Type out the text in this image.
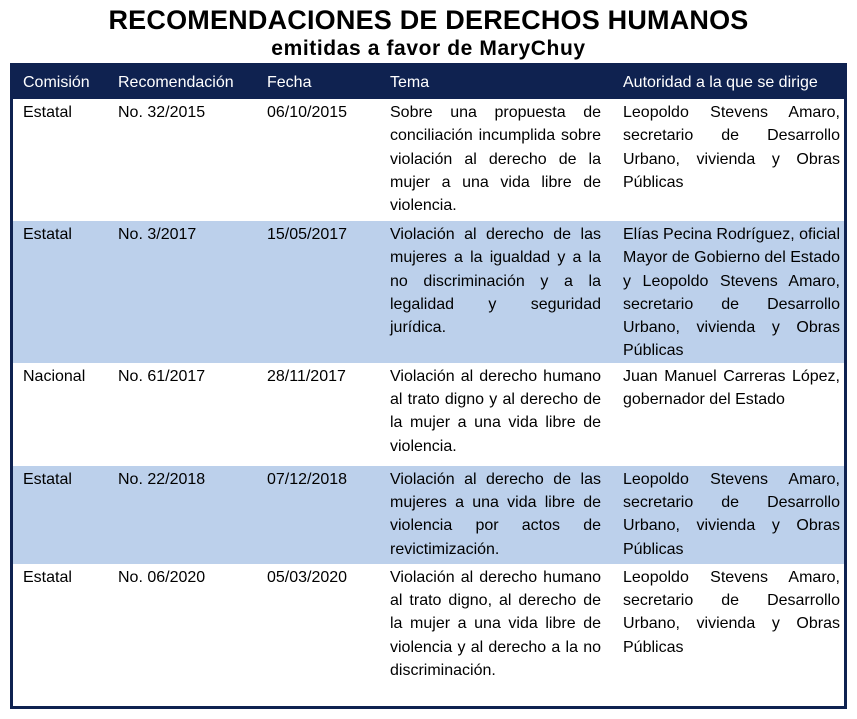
RECOMENDACIONES DE DERECHOS HUMANOS
emitidas a favor de MaryChuy
Comisión	Recomendación	Fecha	Tema	Autoridad a la que se dirige
Estatal	No. 32/2015	06/10/2015	Sobre una propuesta de conciliación incumplida sobre violación al derecho de la mujer a una vida libre de violencia.	Leopoldo Stevens Amaro, secretario de Desarrollo Urbano, vivienda y Obras Públicas
Estatal	No. 3/2017	15/05/2017	Violación al derecho de las mujeres a la igualdad y a la no discriminación y a la legalidad y seguridad jurídica.	Elías Pecina Rodríguez, oficial Mayor de Gobierno del Estado y Leopoldo Stevens Amaro, secretario de Desarrollo Urbano, vivienda y Obras Públicas
Nacional	No. 61/2017	28/11/2017	Violación al derecho humano al trato digno y al derecho de la mujer a una vida libre de violencia.	Juan Manuel Carreras López, gobernador del Estado
Estatal	No. 22/2018	07/12/2018	Violación al derecho de las mujeres a una vida libre de violencia por actos de revictimización.	Leopoldo Stevens Amaro, secretario de Desarrollo Urbano, vivienda y Obras Públicas
Estatal	No. 06/2020	05/03/2020	Violación al derecho humano al trato digno, al derecho de la mujer a una vida libre de violencia y al derecho a la no discriminación.	Leopoldo Stevens Amaro, secretario de Desarrollo Urbano, vivienda y Obras Públicas
